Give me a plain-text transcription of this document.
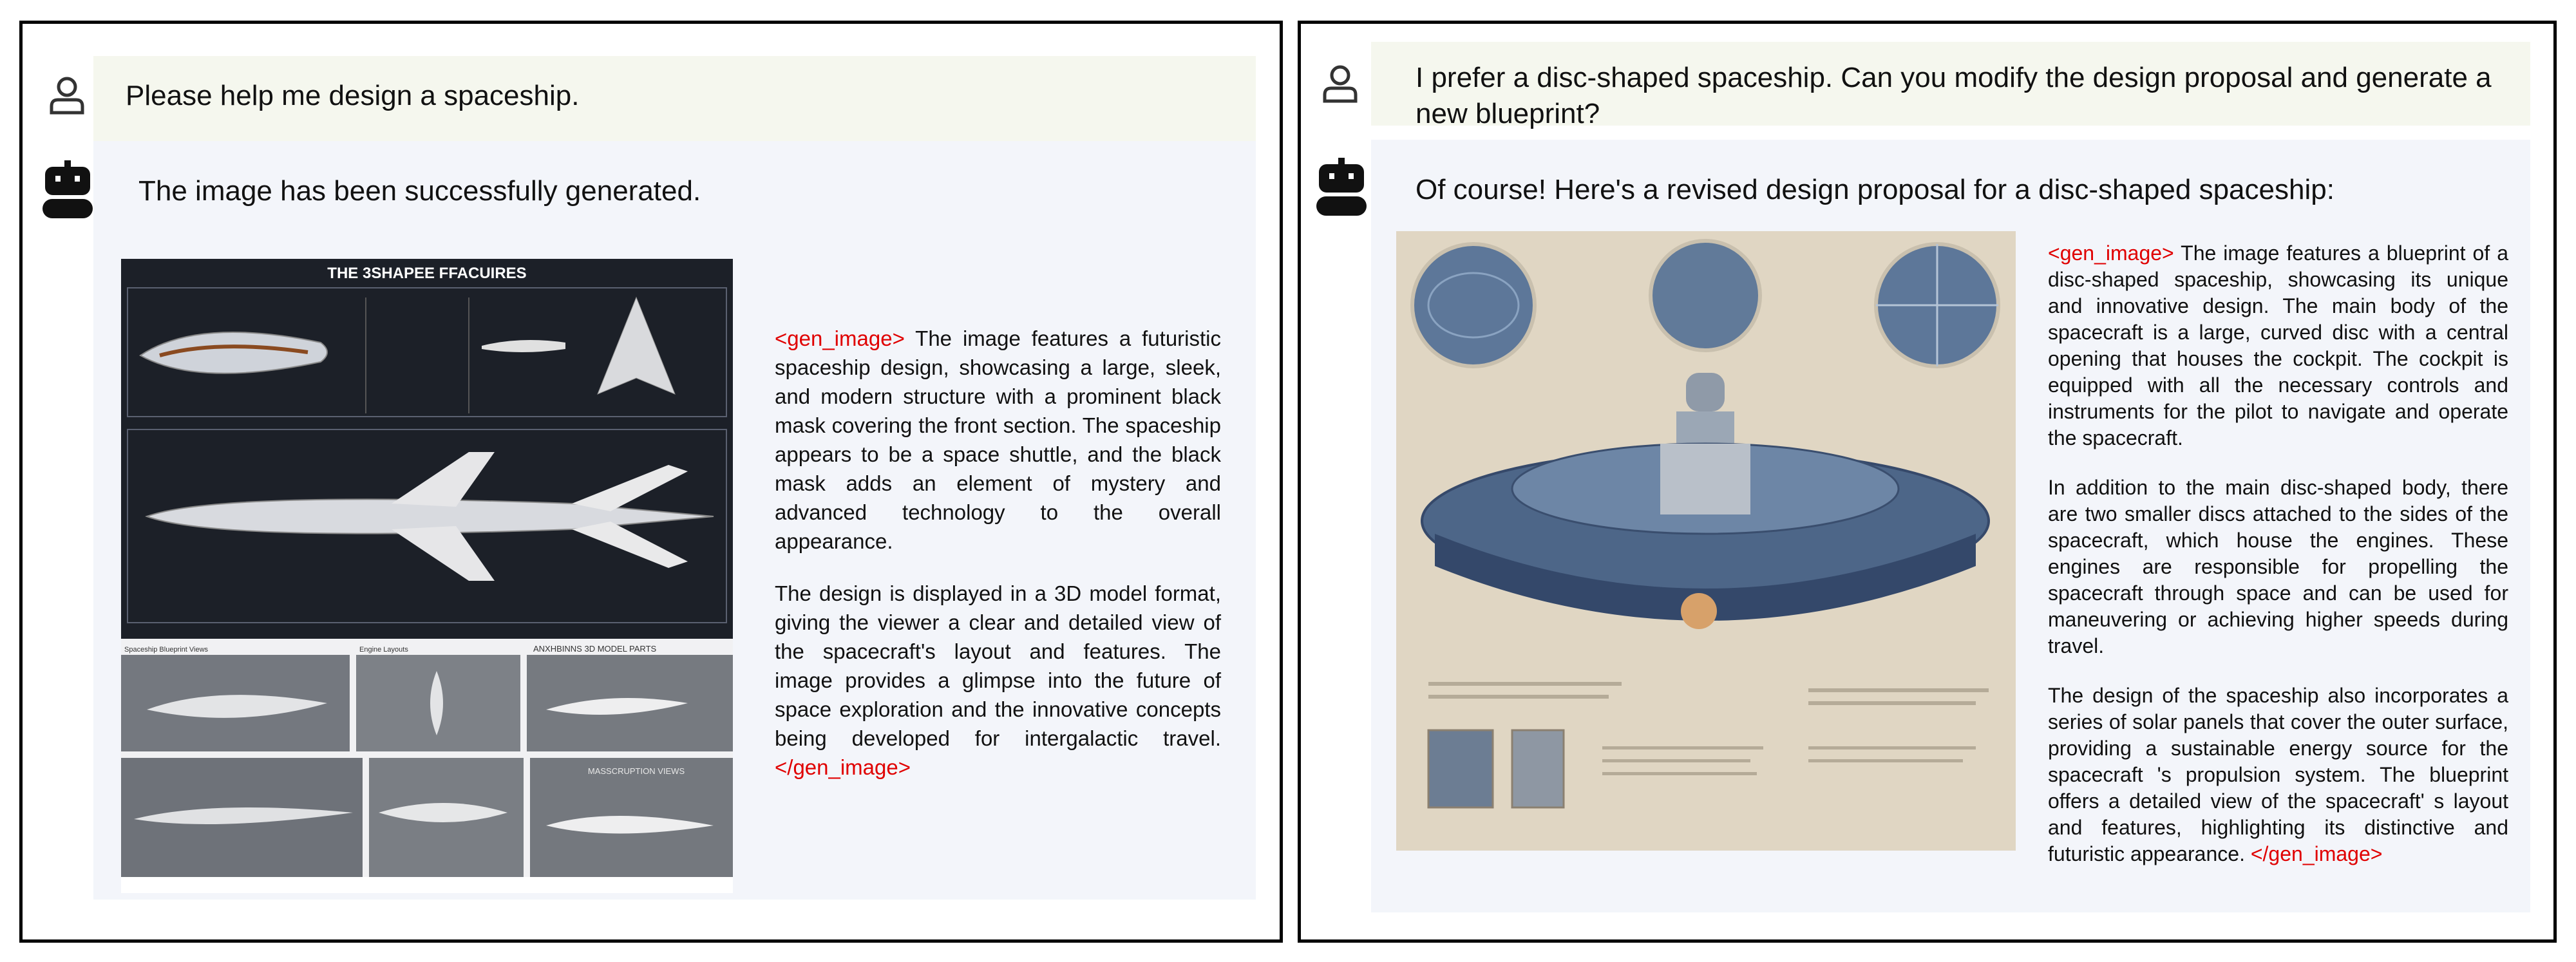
Please help me design a spaceship.
The image has been successfully generated.
THE 3SHAPEE FFACUIRES
Spaceship Blueprint Views	Engine Layouts	ANXHBINNS 3D MODEL PARTS
MASSCRUPTION VIEWS

<gen_image> The image features a futuristic spaceship design, showcasing a large, sleek, and modern structure with a prominent black mask covering the front section. The spaceship appears to be a space shuttle, and the black mask adds an element of mystery and advanced technology to the overall appearance.

The design is displayed in a 3D model format, giving the viewer a clear and detailed view of the spacecraft's layout and features. The image provides a glimpse into the future of space exploration and the innovative concepts being developed for intergalactic travel. </gen_image>

I prefer a disc-shaped spaceship. Can you modify the design proposal and generate a new blueprint?
Of course! Here's a revised design proposal for a disc-shaped spaceship:

<gen_image> The image features a blueprint of a disc-shaped spaceship, showcasing its unique and innovative design. The main body of the spacecraft is a large, curved disc with a central opening that houses the cockpit. The cockpit is equipped with all the necessary controls and instruments for the pilot to navigate and operate the spacecraft.

In addition to the main disc-shaped body, there are two smaller discs attached to the sides of the spacecraft, which house the engines. These engines are responsible for propelling the spacecraft through space and can be used for maneuvering or achieving higher speeds during travel.

The design of the spaceship also incorporates a series of solar panels that cover the outer surface, providing a sustainable energy source for the spacecraft 's propulsion system. The blueprint offers a detailed view of the spacecraft' s layout and features, highlighting its distinctive and futuristic appearance. </gen_image>
